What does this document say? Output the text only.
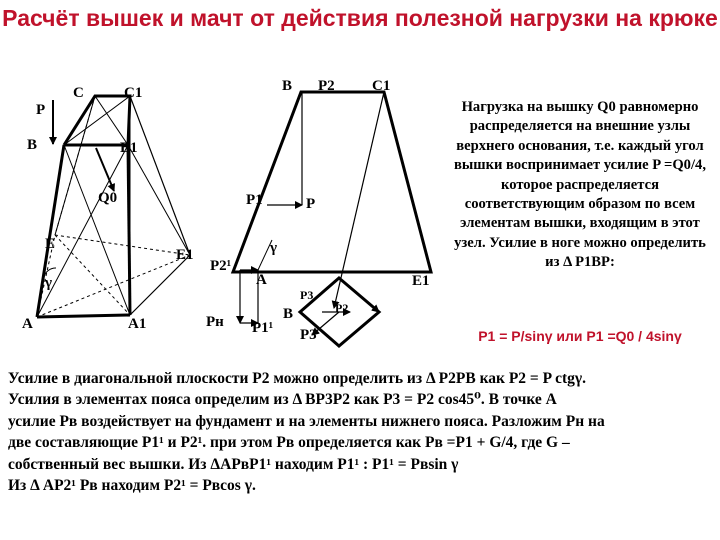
Расчёт вышек и мачт от действия полезной нагрузки на крюке
C	C1
P
B	B1
Q0
E
E1
γ
A	A1
B P2 C1
P1	P
γ
P2¹
A	E1
P3
P2
B
P3
Pн P1¹
Нагрузка на вышку Q0 равномерно распределяется на внешние узлы верхнего основания, т.е. каждый угол вышки воспринимает усилие P =Q0/4, которое распределяется соответствующим образом по всем элементам вышки, входящим в этот узел. Усилие в ноге можно определить из Δ P1BP:
P1 = P/sinγ или P1 =Q0 / 4sinγ

Усилие в диагональной плоскости P2 можно определить из Δ P2PB как P2 = P ctgγ.

Усилия в элементах пояса определим из Δ BP3P2 как P3 = P2 cos45⁰. В точке А

усилие Pв воздействует на фундамент и на элементы нижнего пояса. Разложим Pн на

две составляющие P1¹ и P2¹. при этом Pв определяется как Pв =P1 + G/4, где G –

собственный вес вышки. Из ΔAPвP1¹ находим P1¹ : P1¹ = Pвsin γ

Из Δ AP2¹ Pв находим P2¹ = Pвcos γ.
